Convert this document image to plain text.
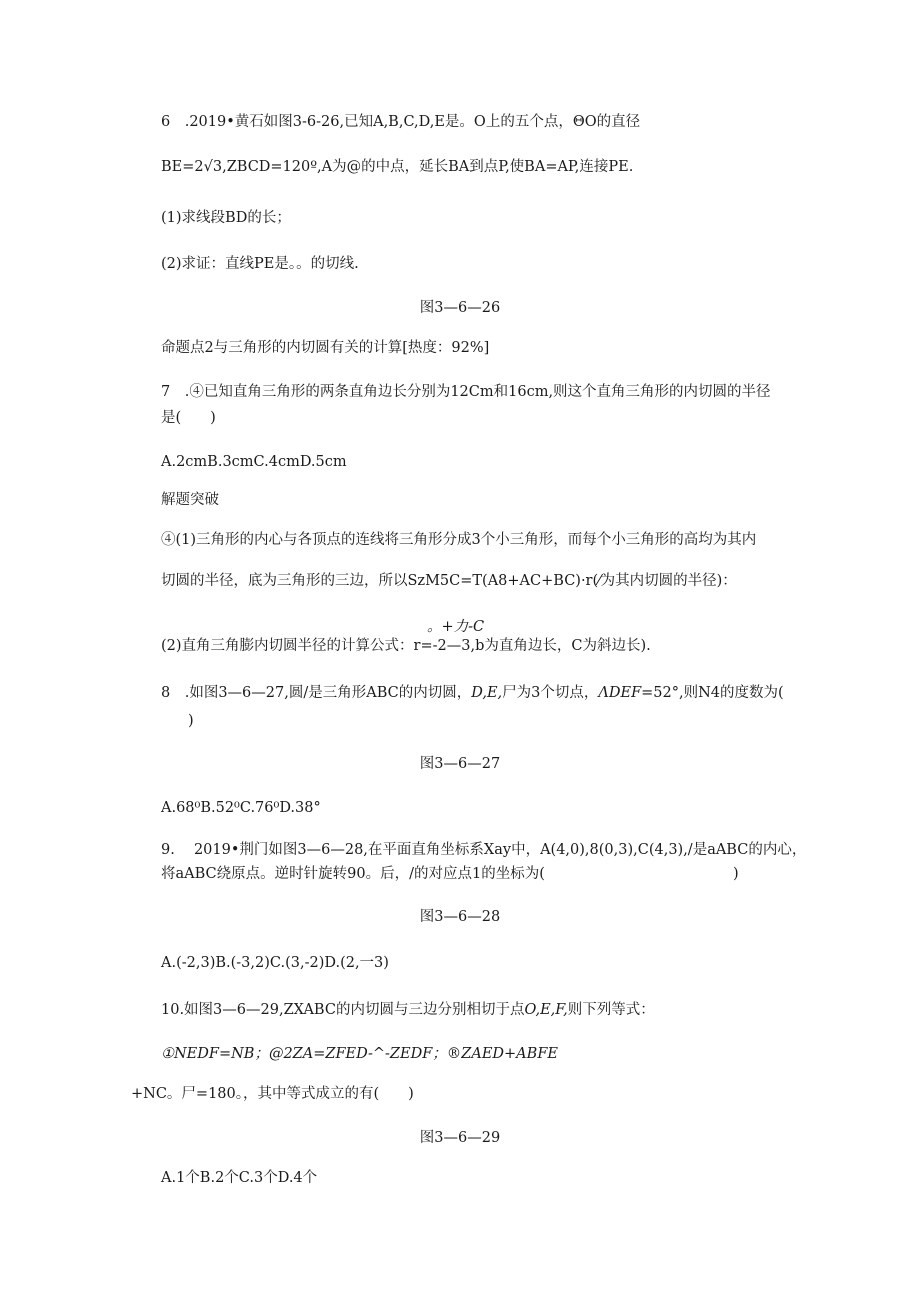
6　.2019•黄石如图3-6-26,已知A,B,C,D,E是。O上的五个点，ΘO的直径
BE=2√3,ZBCD=120º,A为@的中点，延长BA到点P,使BA=AP,连接PE.
(1)求线段BD的长；
(2)求证：直线PE是。。的切线.
图3—6—26
命题点2与三角形的内切圆有关的计算[热度：92%]
7　.④已知直角三角形的两条直角边长分别为12Cm和16cm,则这个直角三角形的内切圆的半径
是(　　)
A.2cmB.3cmC.4cmD.5cm
解题突破
④(1)三角形的内心与各顶点的连线将三角形分成3个小三角形，而每个小三角形的高均为其内
切圆的半径，底为三角形的三边，所以SzM5C=T(A8+AC+BC)·r(⁄为其内切圆的半径)：
。+力-C
(2)直角三角膨内切圆半径的计算公式：r=-2—3,b为直角边长，C为斜边长).
8　.如图3—6—27,圆/是三角形ABC的内切圆，D,E,尸为3个切点，ΛDEF=52°,则N4的度数为(
)
图3—6—27
A.68⁰B.52⁰C.76⁰D.38°
9.　 2019•荆门如图3—6—28,在平面直角坐标系Xay中，A(4,0),8(0,3),C(4,3),/是aABC的内心，
将aABC绕原点。逆时针旋转90。后，/的对应点1的坐标为(	)
图3—6—28
A.(-2,3)B.(-3,2)C.(3,-2)D.(2,一3)
10.如图3—6—29,ZXABC的内切圆与三边分别相切于点O,E,F,则下列等式：
①NEDF=NB；@2ZA=ZFED-^-ZEDF；®ZAED+ABFE
+NC。尸=180。，其中等式成立的有(　　)
图3—6—29
A.1个B.2个C.3个D.4个
